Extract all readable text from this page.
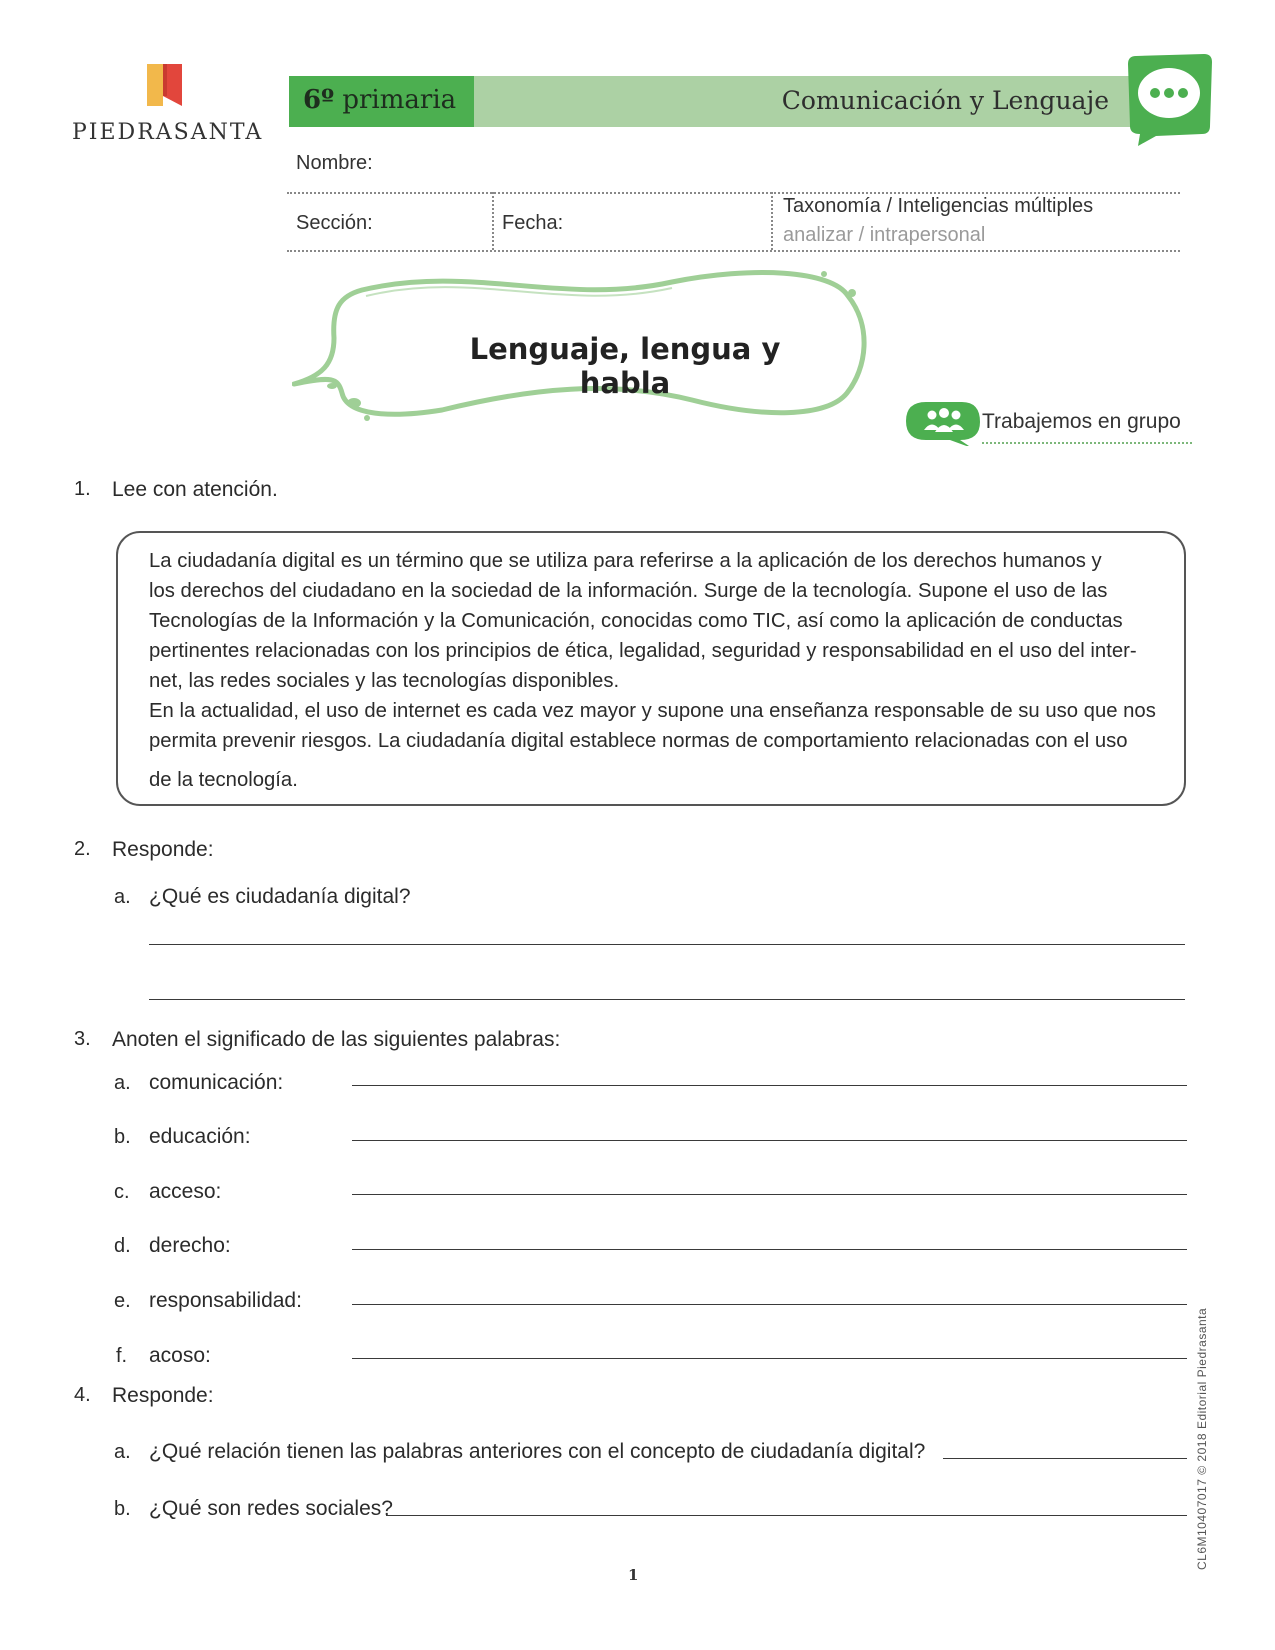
PIEDRASANTA
6º primaria	Comunicación y Lenguaje
Nombre:
Sección:	Fecha:
Taxonomía / Inteligencias múltiples
analizar / intrapersonal
Lenguaje, lengua y habla
Trabajemos en grupo
1. Lee con atención.

La ciudadanía digital es un término que se utiliza para referirse a la aplicación de los derechos humanos y

los derechos del ciudadano en la sociedad de la información. Surge de la tecnología. Supone el uso de las

Tecnologías de la Información y la Comunicación, conocidas como TIC, así como la aplicación de conductas

pertinentes relacionadas con los principios de ética, legalidad, seguridad y responsabilidad en el uso del inter-

net, las redes sociales y las tecnologías disponibles.

En la actualidad, el uso de internet es cada vez mayor y supone una enseñanza responsable de su uso que nos

permita prevenir riesgos. La ciudadanía digital establece normas de comportamiento relacionadas con el uso

de la tecnología.

2. Responde:
a. ¿Qué es ciudadanía digital?
3. Anoten el significado de las siguientes palabras:
a. comunicación:
b. educación:
c. acceso:
d. derecho:
e. responsabilidad:
f. acoso:
4. Responde:
a. ¿Qué relación tienen las palabras anteriores con el concepto de ciudadanía digital?
b. ¿Qué son redes sociales?	CL6M10407017 © 2018 Editorial Piedrasanta
1
